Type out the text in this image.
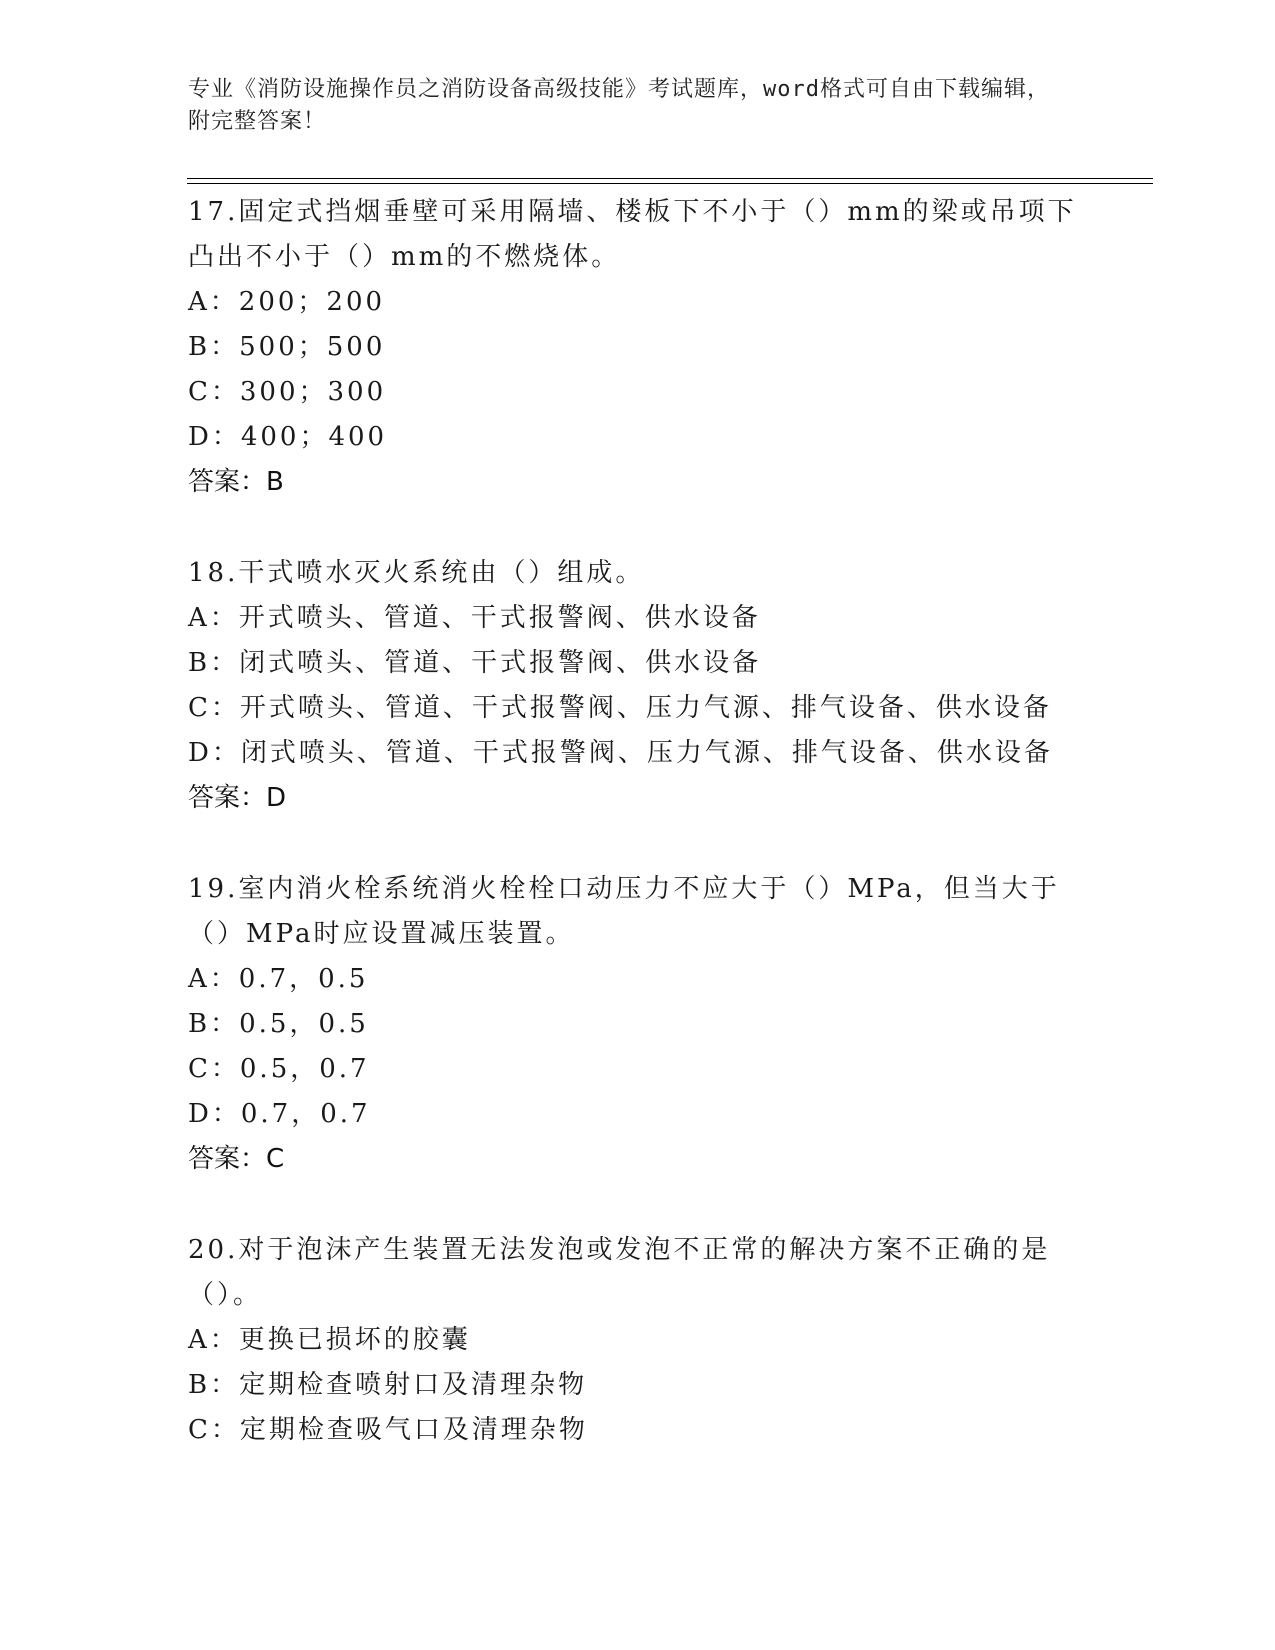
专业《消防设施操作员之消防设备高级技能》考试题库，word格式可自由下载编辑，附完整答案！
17.固定式挡烟垂壁可采用隔墙、楼板下不小于（）mm的梁或吊项下凸出不小于（）mm的不燃烧体。
A：200；200
B：500；500
C：300；300
D：400；400
答案：B
18.干式喷水灭火系统由（）组成。
A：开式喷头、管道、干式报警阀、供水设备
B：闭式喷头、管道、干式报警阀、供水设备
C：开式喷头、管道、干式报警阀、压力气源、排气设备、供水设备
D：闭式喷头、管道、干式报警阀、压力气源、排气设备、供水设备
答案：D
19.室内消火栓系统消火栓栓口动压力不应大于（）MPa，但当大于（）MPa时应设置减压装置。
A：0.7，0.5
B：0.5，0.5
C：0.5，0.7
D：0.7，0.7
答案：C
20.对于泡沫产生装置无法发泡或发泡不正常的解决方案不正确的是（）。
A：更换已损坏的胶囊
B：定期检查喷射口及清理杂物
C：定期检查吸气口及清理杂物
